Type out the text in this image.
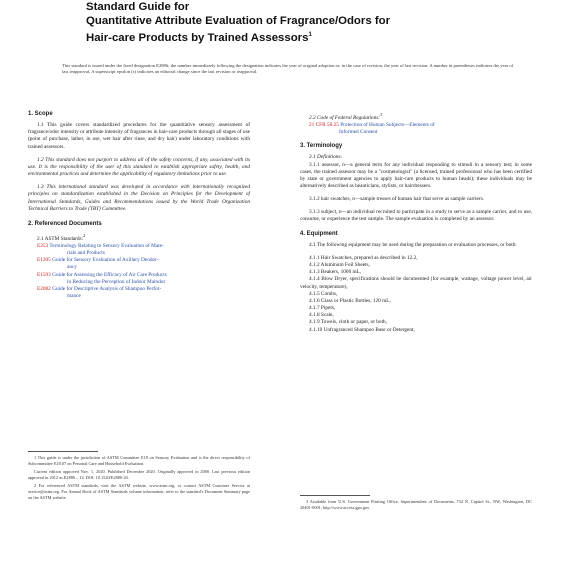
Standard Guide for
Quantitative Attribute Evaluation of Fragrance/Odors for
Hair-care Products by Trained Assessors$^1$
This standard is issued under the fixed designation E2886; the number immediately following the designation indicates the year of original adoption or, in the case of revision, the year of last revision. A number in parentheses indicates the year of last reapproval. A superscript epsilon (ε) indicates an editorial change since the last revision or reapproval.
1. Scope

1.1 This guide covers standardized procedures for the quantitative sensory assessment of fragrance/odor intensity or attribute intensity of fragrances in hair-care products through all stages of use (point of purchase, lather, in use, wet hair after rinse, and dry hair) under laboratory conditions with trained assessors.

1.2 This standard does not purport to address all of the safety concerns, if any, associated with its use. It is the responsibility of the user of this standard to establish appropriate safety, health, and environmental practices and determine the applicability of regulatory limitations prior to use.

1.3 This international standard was developed in accordance with internationally recognized principles on standardization established in the Decision on Principles for the Development of International Standards, Guides and Recommendations issued by the World Trade Organization Technical Barriers to Trade (TBT) Committee.

2. Referenced Documents

2.1 ASTM Standards:$^2$

E253 Terminology Relating to Sensory Evaluation of Mate-
rials and Products
E1205 Guide for Sensory Evaluation of Axillary Deodor-
ancy
E1593 Guide for Assessing the Efficacy of Air Care Products
in Reducing the Perception of Indoor Malodor
E2082 Guide for Descriptive Analysis of Shampoo Perfor-
mance

1 This guide is under the jurisdiction of ASTM Committee E18 on Sensory Evaluation and is the direct responsibility of Subcommittee E18.07 on Personal Care and Household Evaluation.

Current edition approved Nov. 1, 2020. Published December 2020. Originally approved in 2000. Last previous edition approved in 2012 as E2886 – 12. DOI: 10.1520/E2886-20.

2 For referenced ASTM standards, visit the ASTM website, www.astm.org, or contact ASTM Customer Service at service@astm.org. For Annual Book of ASTM Standards volume information, refer to the standard's Document Summary page on the ASTM website.

2.2 Code of Federal Regulations:$^3$

21 CFR 50.25 Protection of Human Subjects—Elements of
Informed Consent
3. Terminology

3.1 Definitions:

3.1.1 assessor, n—a general term for any individual responding to stimuli in a sensory test; in some cases, the trained assessor may be a "cosmetologist" (a licensed, trained professional who has been certified by state or government agencies to apply hair-care products to human heads); these individuals may be alternatively described as beauticians, stylists, or hairdressers.

3.1.2 hair swatches, n—sample tresses of human hair that serve as sample carriers.

3.1.3 subject, n—an individual recruited to participate in a study to serve as a sample carrier, and to use, consume, or experience the test sample. The sample evaluation is completed by an assessor.

4. Equipment

4.1 The following equipment may be used during the preparation or evaluation processes, or both:

4.1.1 Hair Swatches, prepared as described in 12.2,

4.1.2 Aluminum Foil Sheets,

4.1.3 Beakers, 1000 mL,

4.1.4 Blow Dryer, specifications should be documented (for example, wattage, voltage power level, air velocity, temperature),

4.1.5 Combs,

4.1.6 Glass or Plastic Bottles, 120 mL,

4.1.7 Pipets,

4.1.8 Scale,

4.1.9 Towels, cloth or paper, or both,

4.1.10 Unfragranced Shampoo Base or Detergent,

3 Available from U.S. Government Printing Office, Superintendent of Documents, 732 N. Capitol St., NW, Washington, DC 20401-0001, http://www.access.gpo.gov.
